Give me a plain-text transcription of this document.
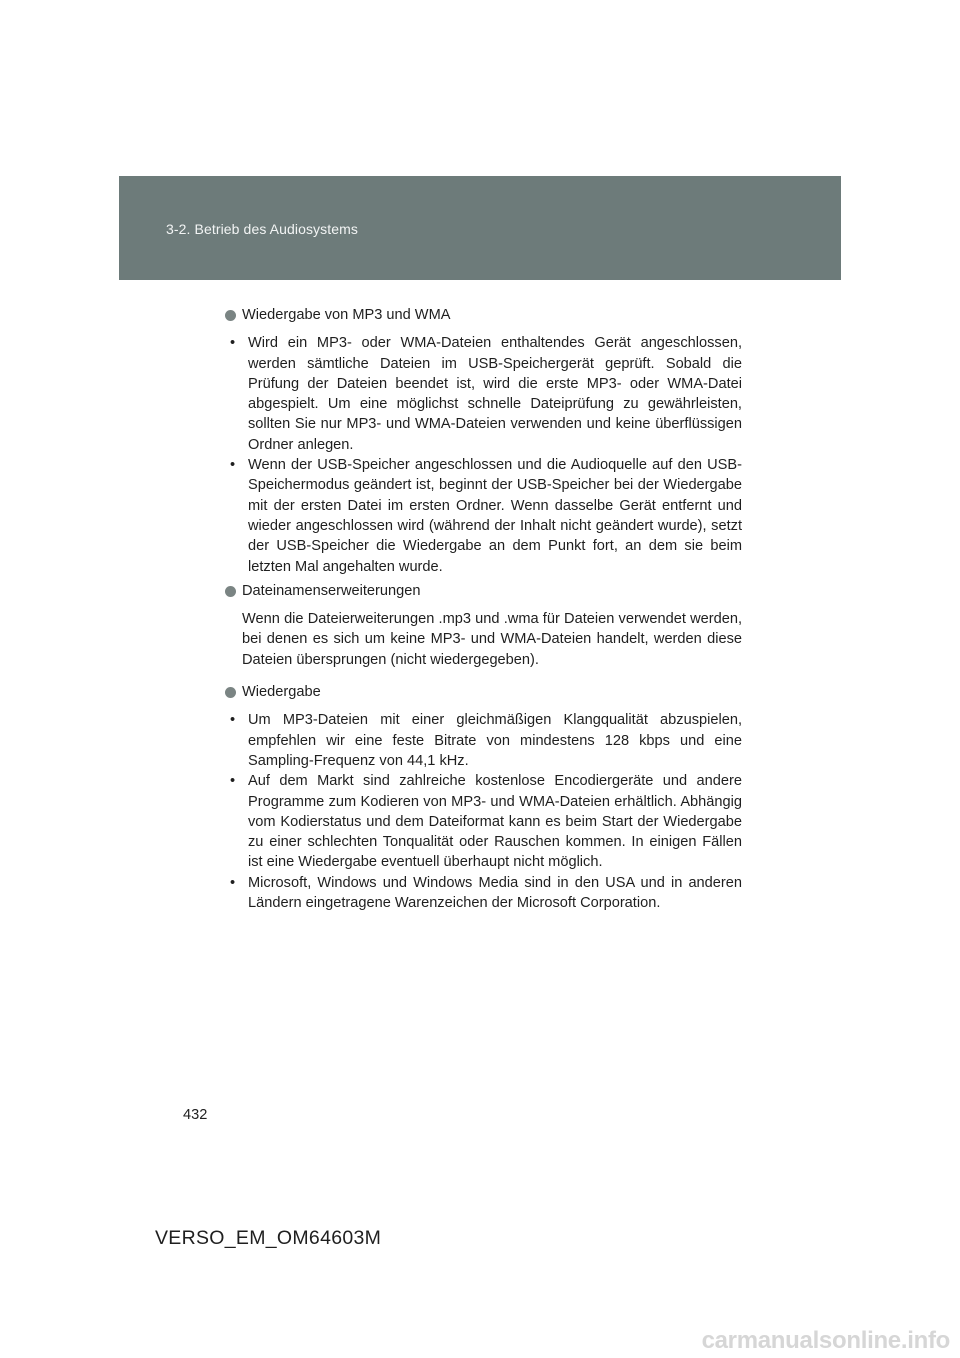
3-2. Betrieb des Audiosystems
Wiedergabe von MP3 und WMA
• Wird ein MP3- oder WMA-Dateien enthaltendes Gerät angeschlossen, werden sämtliche Dateien im USB-Speichergerät geprüft. Sobald die Prüfung der Dateien beendet ist, wird die erste MP3- oder WMA-Datei abgespielt. Um eine möglichst schnelle Dateiprüfung zu gewährleisten, sollten Sie nur MP3- und WMA-Dateien verwenden und keine überflüssigen Ordner anlegen.
• Wenn der USB-Speicher angeschlossen und die Audioquelle auf den USB-Speichermodus geändert ist, beginnt der USB-Speicher bei der Wiedergabe mit der ersten Datei im ersten Ordner. Wenn dasselbe Gerät entfernt und wieder angeschlossen wird (während der Inhalt nicht geändert wurde), setzt der USB-Speicher die Wiedergabe an dem Punkt fort, an dem sie beim letzten Mal angehalten wurde.
Dateinamenserweiterungen

Wenn die Dateierweiterungen .mp3 und .wma für Dateien verwendet werden, bei denen es sich um keine MP3- und WMA-Dateien handelt, werden diese Dateien übersprungen (nicht wiedergegeben).

Wiedergabe
• Um MP3-Dateien mit einer gleichmäßigen Klangqualität abzuspielen, empfehlen wir eine feste Bitrate von mindestens 128 kbps und eine Sampling-Frequenz von 44,1 kHz.
• Auf dem Markt sind zahlreiche kostenlose Encodiergeräte und andere Programme zum Kodieren von MP3- und WMA-Dateien erhältlich. Abhängig vom Kodierstatus und dem Dateiformat kann es beim Start der Wiedergabe zu einer schlechten Tonqualität oder Rauschen kommen. In einigen Fällen ist eine Wiedergabe eventuell überhaupt nicht möglich.
• Microsoft, Windows und Windows Media sind in den USA und in anderen Ländern eingetragene Warenzeichen der Microsoft Corporation.
432
VERSO_EM_OM64603M
carmanualsonline.info
